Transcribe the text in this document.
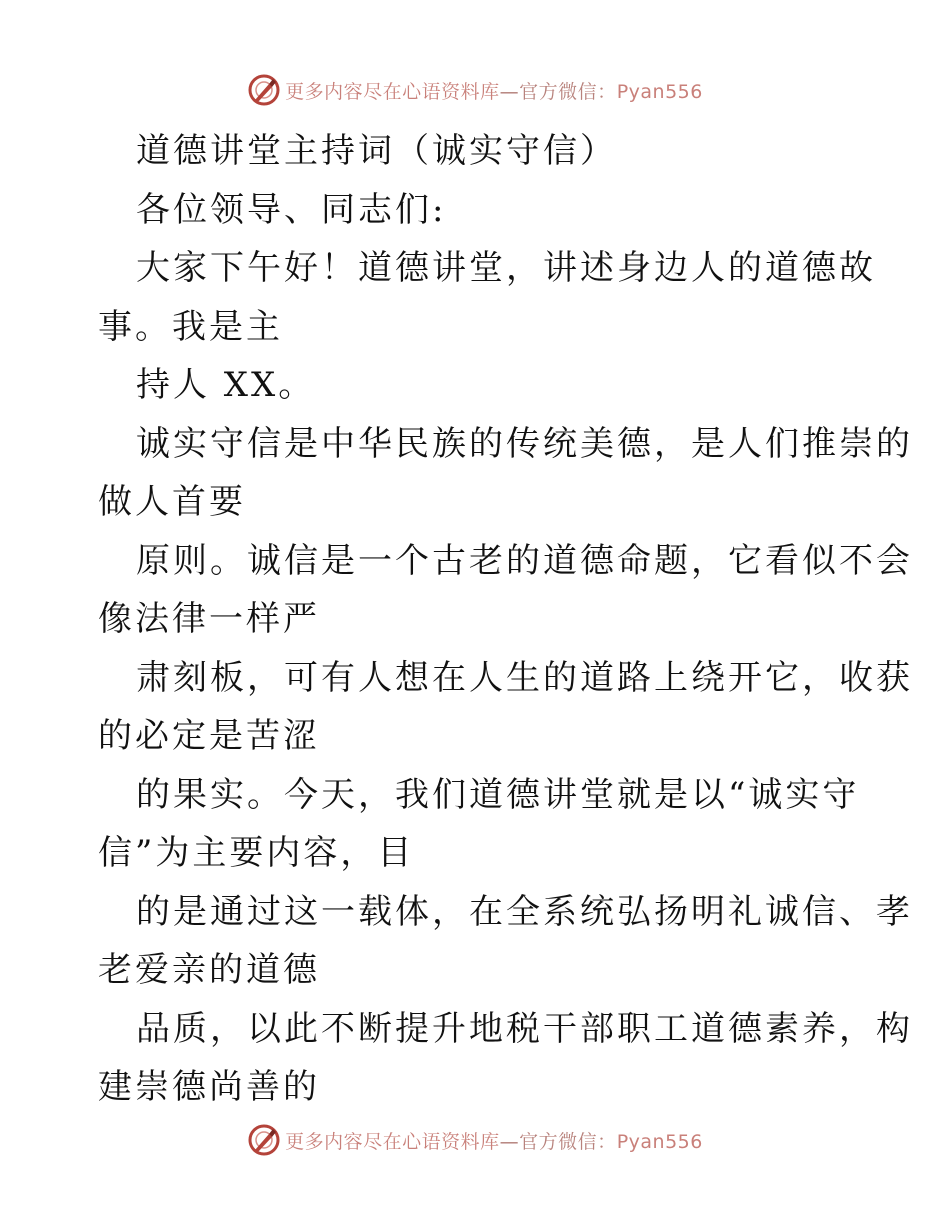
更多内容尽在心语资料库—官方微信：Pyan556
道德讲堂主持词（诚实守信）
各位领导、同志们:
大家下午好！道德讲堂，讲述身边人的道德故
事。我是主
持人 XX。
诚实守信是中华民族的传统美德，是人们推崇的
做人首要
原则。诚信是一个古老的道德命题，它看似不会
像法律一样严
肃刻板，可有人想在人生的道路上绕开它，收获
的必定是苦涩
的果实。今天，我们道德讲堂就是以“诚实守
信”为主要内容，目
的是通过这一载体，在全系统弘扬明礼诚信、孝
老爱亲的道德
品质，以此不断提升地税干部职工道德素养，构
建崇德尚善的
更多内容尽在心语资料库—官方微信：Pyan556
